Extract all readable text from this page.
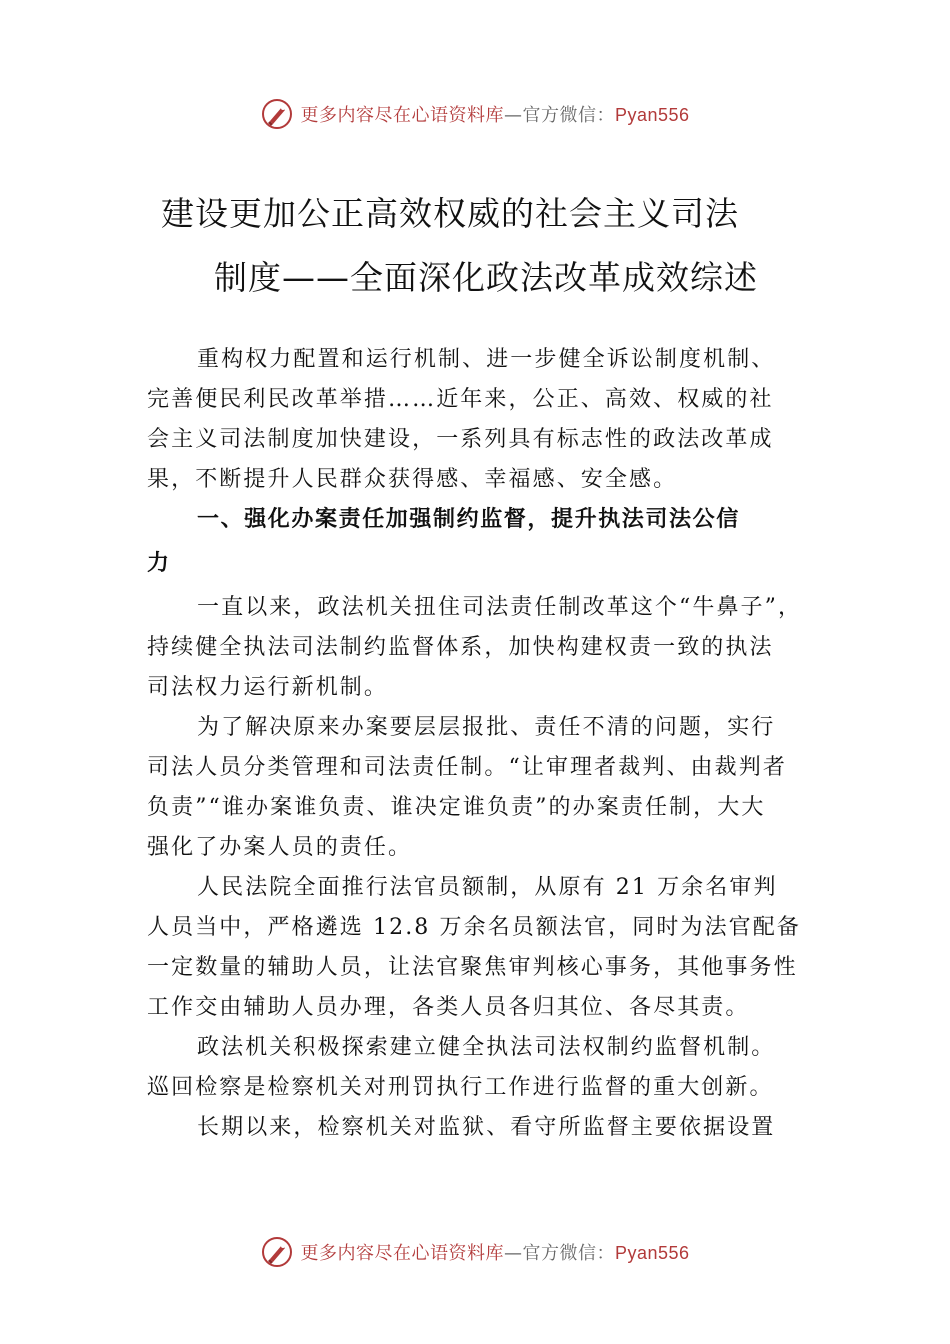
更多内容尽在心语资料库—官方微信：Pyan556
建设更加公正高效权威的社会主义司法
制度——全面深化政法改革成效综述
重构权力配置和运行机制、进一步健全诉讼制度机制、
完善便民利民改革举措……近年来，公正、高效、权威的社
会主义司法制度加快建设，一系列具有标志性的政法改革成
果，不断提升人民群众获得感、幸福感、安全感。
一、强化办案责任加强制约监督，提升执法司法公信
力
一直以来，政法机关扭住司法责任制改革这个“牛鼻子”，
持续健全执法司法制约监督体系，加快构建权责一致的执法
司法权力运行新机制。
为了解决原来办案要层层报批、责任不清的问题，实行
司法人员分类管理和司法责任制。“让审理者裁判、由裁判者
负责”“谁办案谁负责、谁决定谁负责”的办案责任制，大大
强化了办案人员的责任。
人民法院全面推行法官员额制，从原有 21 万余名审判
人员当中，严格遴选 12.8 万余名员额法官，同时为法官配备
一定数量的辅助人员，让法官聚焦审判核心事务，其他事务性
工作交由辅助人员办理，各类人员各归其位、各尽其责。
政法机关积极探索建立健全执法司法权制约监督机制。
巡回检察是检察机关对刑罚执行工作进行监督的重大创新。
长期以来，检察机关对监狱、看守所监督主要依据设置
更多内容尽在心语资料库—官方微信：Pyan556
